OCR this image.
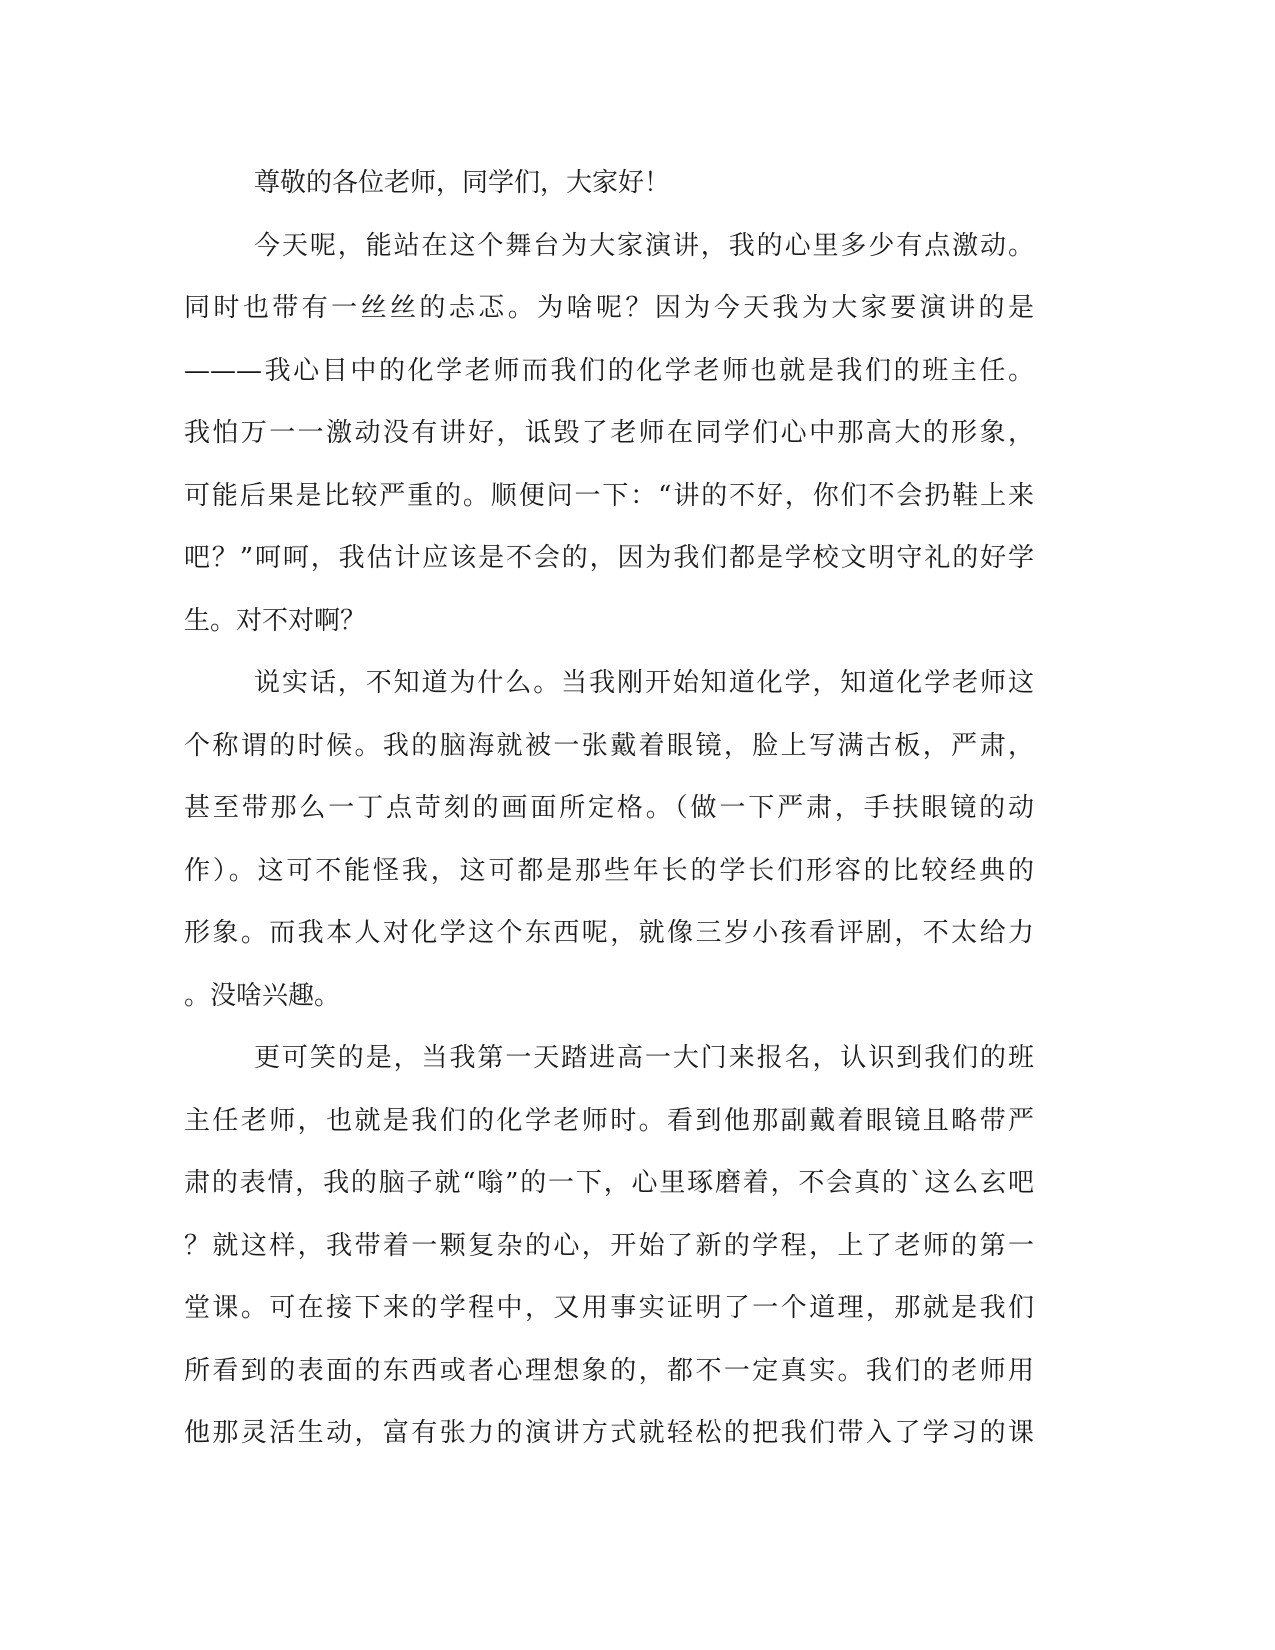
尊敬的各位老师，同学们，大家好！
今天呢，能站在这个舞台为大家演讲，我的心里多少有点激动。
同时也带有一丝丝的忐忑。为啥呢？因为今天我为大家要演讲的是
———我心目中的化学老师而我们的化学老师也就是我们的班主任。
我怕万一一激动没有讲好，诋毁了老师在同学们心中那高大的形象，
可能后果是比较严重的。顺便问一下：“讲的不好，你们不会扔鞋上来
吧？”呵呵，我估计应该是不会的，因为我们都是学校文明守礼的好学
生。对不对啊？
说实话，不知道为什么。当我刚开始知道化学，知道化学老师这
个称谓的时候。我的脑海就被一张戴着眼镜，脸上写满古板，严肃，
甚至带那么一丁点苛刻的画面所定格。（做一下严肃，手扶眼镜的动
作）。这可不能怪我，这可都是那些年长的学长们形容的比较经典的
形象。而我本人对化学这个东西呢，就像三岁小孩看评剧，不太给力
。没啥兴趣。
更可笑的是，当我第一天踏进高一大门来报名，认识到我们的班
主任老师，也就是我们的化学老师时。看到他那副戴着眼镜且略带严
肃的表情，我的脑子就“嗡”的一下，心里琢磨着，不会真的`这么玄吧
？就这样，我带着一颗复杂的心，开始了新的学程，上了老师的第一
堂课。可在接下来的学程中，又用事实证明了一个道理，那就是我们
所看到的表面的东西或者心理想象的，都不一定真实。我们的老师用
他那灵活生动，富有张力的演讲方式就轻松的把我们带入了学习的课
